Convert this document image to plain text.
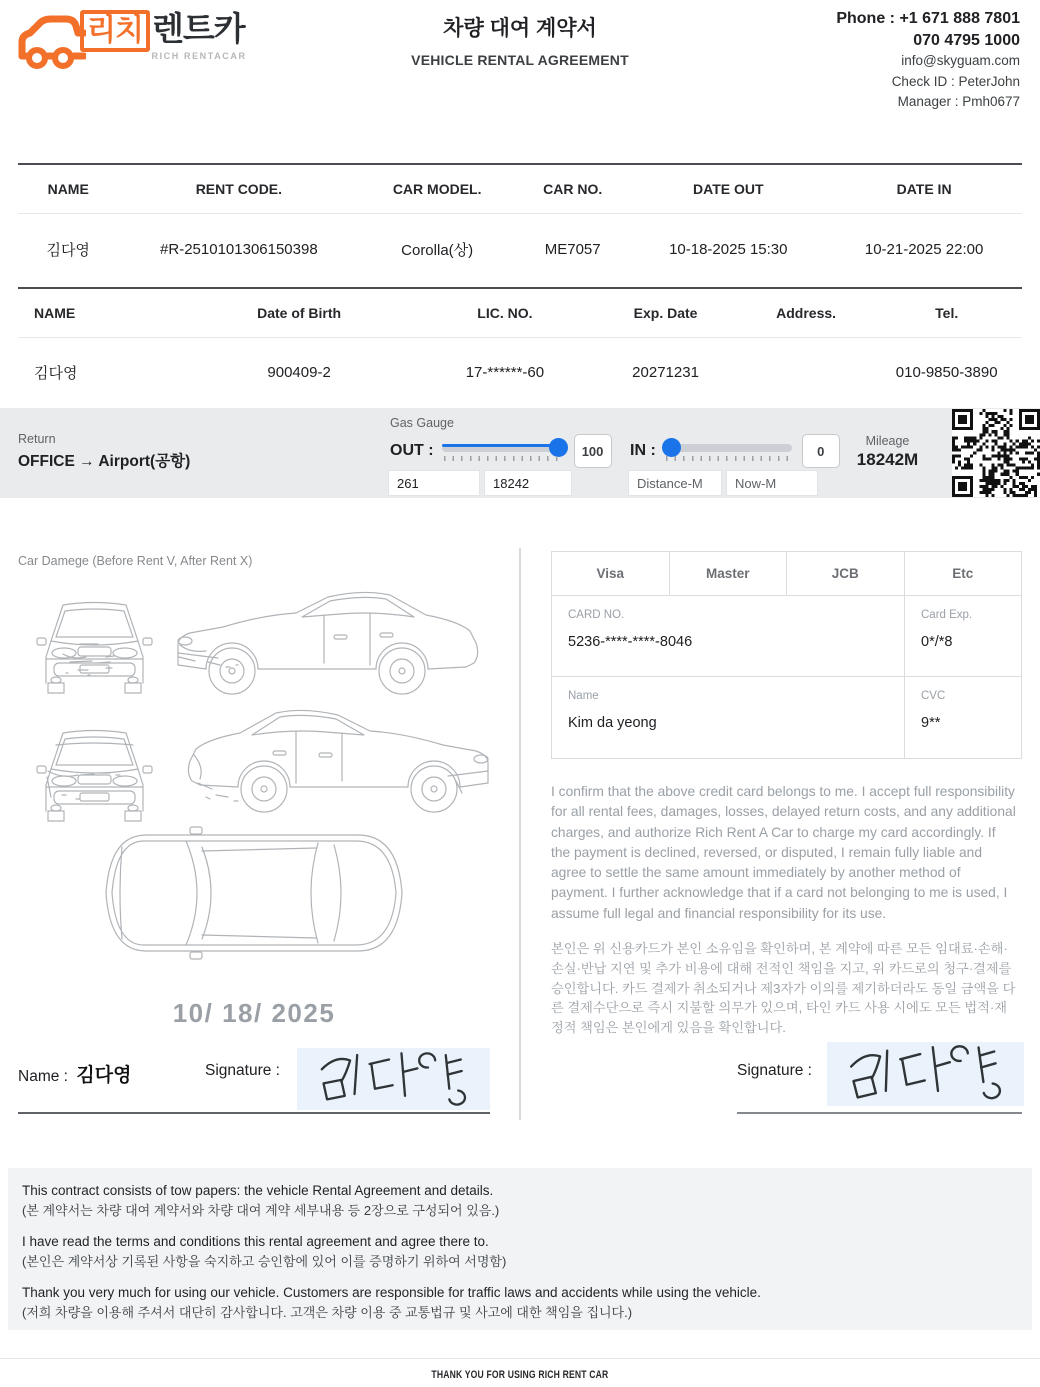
리치 렌트카
RICH RENTACAR
차량 대여 계약서
VEHICLE RENTAL AGREEMENT
Phone : +1 671 888 7801
070 4795 1000
info@skyguam.com
Check ID : PeterJohn
Manager : Pmh0677
NAME	RENT CODE.	CAR MODEL.	CAR NO.	DATE OUT	DATE IN
김다영	#R-2510101306150398	Corolla(상)	ME7057	10-18-2025 15:30	10-21-2025 22:00
NAME	Date of Birth	LIC. NO.	Exp. Date	Address.	Tel.
김다영	900409-2	17-******-60	20271231		010-9850-3890
Return
OFFICE → Airport(공항)
Gas Gauge
OUT :	100
261
18242	IN :	0
Distance-M
Now-M
Mileage
18242M
Car Damege (Before Rent V, After Rent X)
10/ 18/ 2025
Name : 김다영	Signature :
Visa	Master	JCB	Etc
CARD NO.
5236-****-****-8046
Card Exp.
0*/*8
Name
Kim da yeong
CVC
9**

I confirm that the above credit card belongs to me. I accept full responsibility for all rental fees, damages, losses, delayed return costs, and any additional charges, and authorize Rich Rent A Car to charge my card accordingly. If the payment is declined, reversed, or disputed, I remain fully liable and agree to settle the same amount immediately by another method of payment. I further acknowledge that if a card not belonging to me is used, I assume full legal and financial responsibility for its use.

본인은 위 신용카드가 본인 소유임을 확인하며, 본 계약에 따른 모든 임대료·손해·손실·반납 지연 및 추가 비용에 대해 전적인 책임을 지고, 위 카드로의 청구·결제를 승인합니다. 카드 결제가 취소되거나 제3자가 이의를 제기하더라도 동일 금액을 다른 결제수단으로 즉시 지불할 의무가 있으며, 타인 카드 사용 시에도 모든 법적·재정적 책임은 본인에게 있음을 확인합니다.

Signature :
This contract consists of tow papers: the vehicle Rental Agreement and details.
(본 계약서는 차량 대여 계약서와 차량 대여 계약 세부내용 등 2장으로 구성되어 있음.)
I have read the terms and conditions this rental agreement and agree there to.
(본인은 계약서상 기록된 사항을 숙지하고 승인함에 있어 이를 증명하기 위하여 서명함)
Thank you very much for using our vehicle. Customers are responsible for traffic laws and accidents while using the vehicle.
(저희 차량을 이용해 주셔서 대단히 감사합니다. 고객은 차량 이용 중 교통법규 및 사고에 대한 책임을 집니다.)
THANK YOU FOR USING RICH RENT CAR
